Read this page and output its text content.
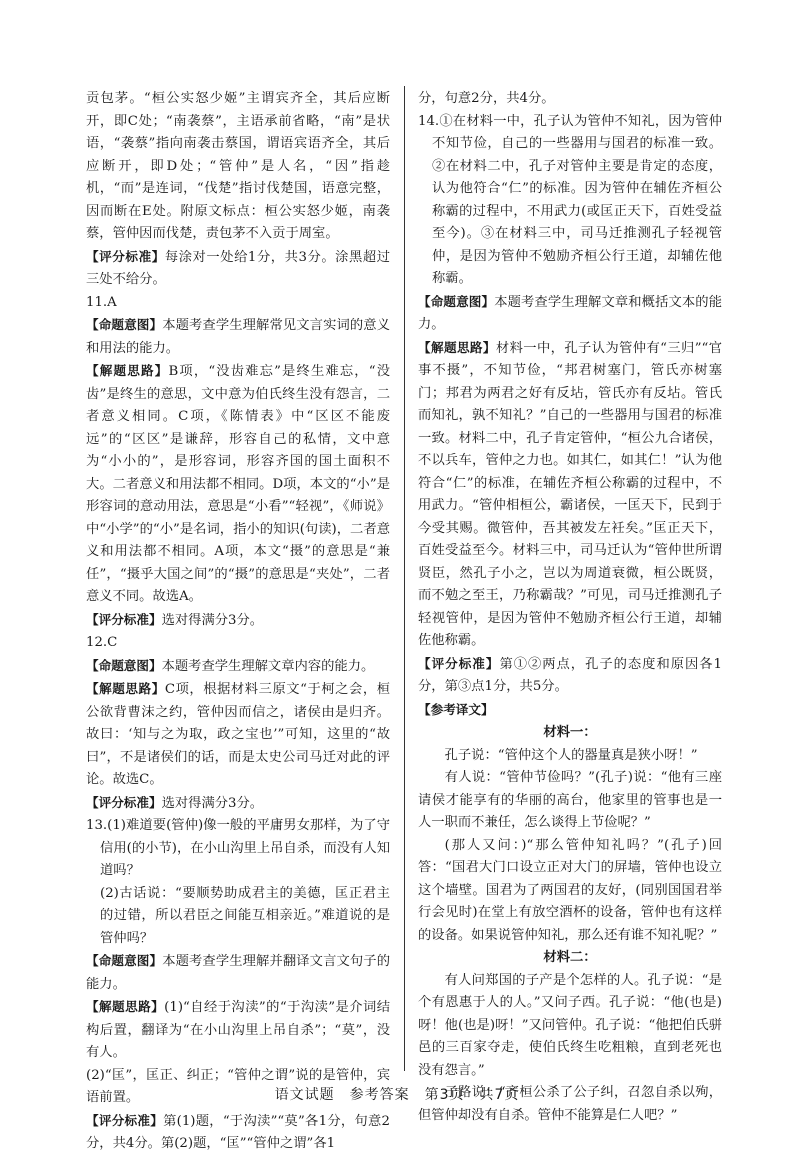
贡包茅。“桓公实怒少姬”主谓宾齐全，其后应断开，即C处；“南袭蔡”，主语承前省略，“南”是状语，“袭蔡”指向南袭击蔡国，谓语宾语齐全，其后应断开，即D处；“管仲”是人名，“因”指趁机，“而”是连词，“伐楚”指讨伐楚国，语意完整，因而断在E处。附原文标点：桓公实怒少姬，南袭蔡，管仲因而伐楚，责包茅不入贡于周室。

【评分标准】每涂对一处给1分，共3分。涂黑超过三处不给分。

11.A

【命题意图】本题考查学生理解常见文言实词的意义和用法的能力。

【解题思路】B项，“没齿难忘”是终生难忘，“没齿”是终生的意思，文中意为伯氏终生没有怨言，二者意义相同。C项，《陈情表》中“区区不能废远”的“区区”是谦辞，形容自己的私情，文中意为“小小的”，是形容词，形容齐国的国土面积不大。二者意义和用法都不相同。D项，本文的“小”是形容词的意动用法，意思是“小看”“轻视”，《师说》中“小学”的“小”是名词，指小的知识(句读)，二者意义和用法都不相同。A项，本文“摄”的意思是“兼任”，“摄乎大国之间”的“摄”的意思是“夹处”，二者意义不同。故选A。

【评分标准】选对得满分3分。

12.C

【命题意图】本题考查学生理解文章内容的能力。

【解题思路】C项，根据材料三原文“于柯之会，桓公欲背曹沫之约，管仲因而信之，诸侯由是归齐。故曰：‘知与之为取，政之宝也’”可知，这里的“故曰”，不是诸侯们的话，而是太史公司马迁对此的评论。故选C。

【评分标准】选对得满分3分。

13.(1)难道要(管仲)像一般的平庸男女那样，为了守信用(的小节)，在小山沟里上吊自杀，而没有人知道吗？

(2)古话说：“要顺势助成君主的美德，匡正君主的过错，所以君臣之间能互相亲近。”难道说的是管仲吗？

【命题意图】本题考查学生理解并翻译文言文句子的能力。

【解题思路】(1)“自经于沟渎”的“于沟渎”是介词结构后置，翻译为“在小山沟里上吊自杀”；“莫”，没有人。

(2)“匡”，匡正、纠正；“管仲之谓”说的是管仲，宾语前置。

【评分标准】第(1)题，“于沟渎”“莫”各1分，句意2分，共4分。第(2)题，“匡”“管仲之谓”各1

分，句意2分，共4分。

14.①在材料一中，孔子认为管仲不知礼，因为管仲不知节俭，自己的一些器用与国君的标准一致。②在材料二中，孔子对管仲主要是肯定的态度，认为他符合“仁”的标准。因为管仲在辅佐齐桓公称霸的过程中，不用武力(或匡正天下，百姓受益至今)。③在材料三中，司马迁推测孔子轻视管仲，是因为管仲不勉励齐桓公行王道，却辅佐他称霸。

【命题意图】本题考查学生理解文章和概括文本的能力。

【解题思路】材料一中，孔子认为管仲有“三归”“官事不摄”，不知节俭，“邦君树塞门，管氏亦树塞门；邦君为两君之好有反坫，管氏亦有反坫。管氏而知礼，孰不知礼？”自己的一些器用与国君的标准一致。材料二中，孔子肯定管仲，“桓公九合诸侯，不以兵车，管仲之力也。如其仁，如其仁！”认为他符合“仁”的标准，在辅佐齐桓公称霸的过程中，不用武力。“管仲相桓公，霸诸侯，一匡天下，民到于今受其赐。微管仲，吾其被发左衽矣。”匡正天下，百姓受益至今。材料三中，司马迁认为“管仲世所谓贤臣，然孔子小之，岂以为周道衰微，桓公既贤，而不勉之至王，乃称霸哉？”可见，司马迁推测孔子轻视管仲，是因为管仲不勉励齐桓公行王道，却辅佐他称霸。

【评分标准】第①②两点，孔子的态度和原因各1分，第③点1分，共5分。

【参考译文】

材料一：

孔子说：“管仲这个人的器量真是狭小呀！”

有人说：“管仲节俭吗？”(孔子)说：“他有三座请侯才能享有的华丽的高台，他家里的管事也是一人一职而不兼任，怎么谈得上节俭呢？”

(那人又问：)“那么管仲知礼吗？”(孔子)回答：“国君大门口设立正对大门的屏墙，管仲也设立这个墙壁。国君为了两国君的友好，(同别国国君举行会见时)在堂上有放空酒杯的设备，管仲也有这样的设备。如果说管仲知礼，那么还有谁不知礼呢？”

材料二：

有人问郑国的子产是个怎样的人。孔子说：“是个有恩惠于人的人。”又问子西。孔子说：“他(也是)呀！他(也是)呀！”又问管仲。孔子说：“他把伯氏骈邑的三百家夺走，使伯氏终生吃粗粮，直到老死也没有怨言。”

子路说：“齐桓公杀了公子纠，召忽自杀以殉，但管仲却没有自杀。管仲不能算是仁人吧？”

语文试题　参考答案　第3页　共7页
